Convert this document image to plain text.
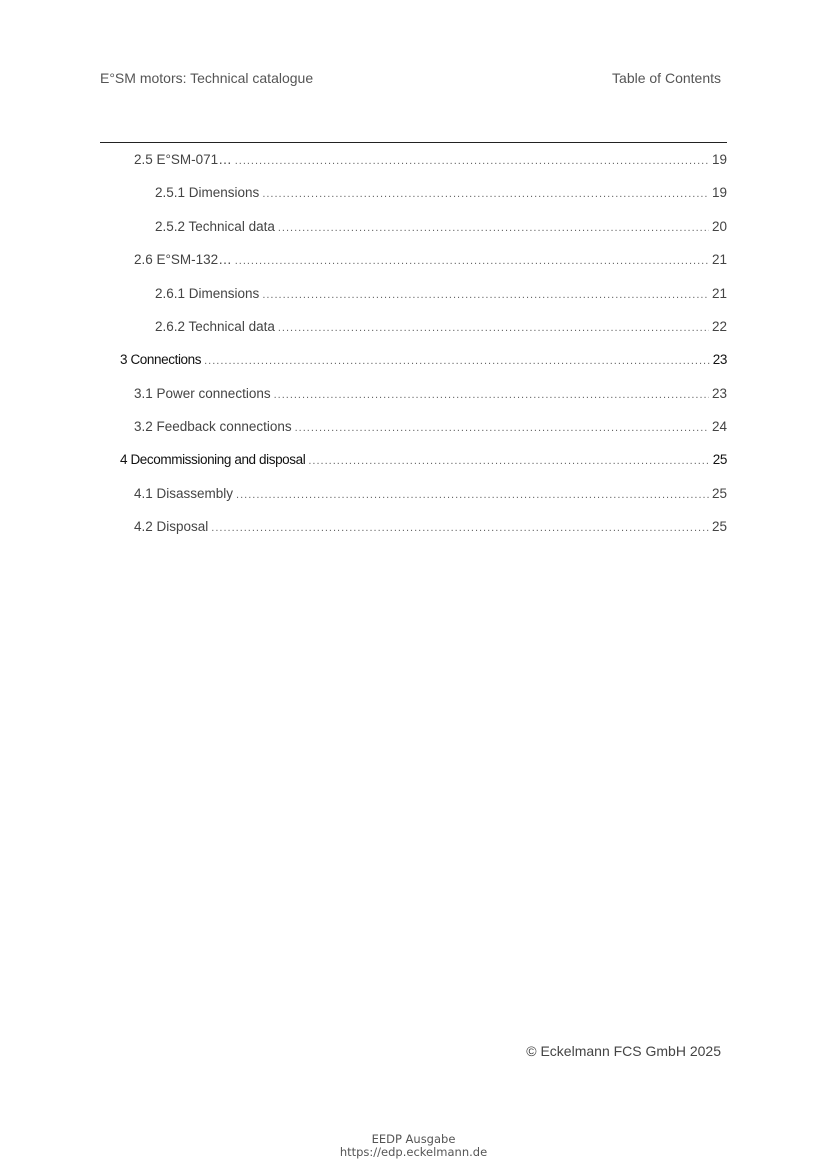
E°SM motors: Technical catalogue	Table of Contents
2.5 E°SM-071… .....	19
2.5.1 Dimensions .....	19
2.5.2 Technical data .....	20
2.6 E°SM-132… .....	21
2.6.1 Dimensions .....	21
2.6.2 Technical data .....	22
3 Connections .....	23
3.1 Power connections .....	23
3.2 Feedback connections .....	24
4 Decommissioning and disposal .....	25
4.1 Disassembly .....	25
4.2 Disposal .....	25
© Eckelmann FCS GmbH 2025
EEDP Ausgabe
https://edp.eckelmann.de
